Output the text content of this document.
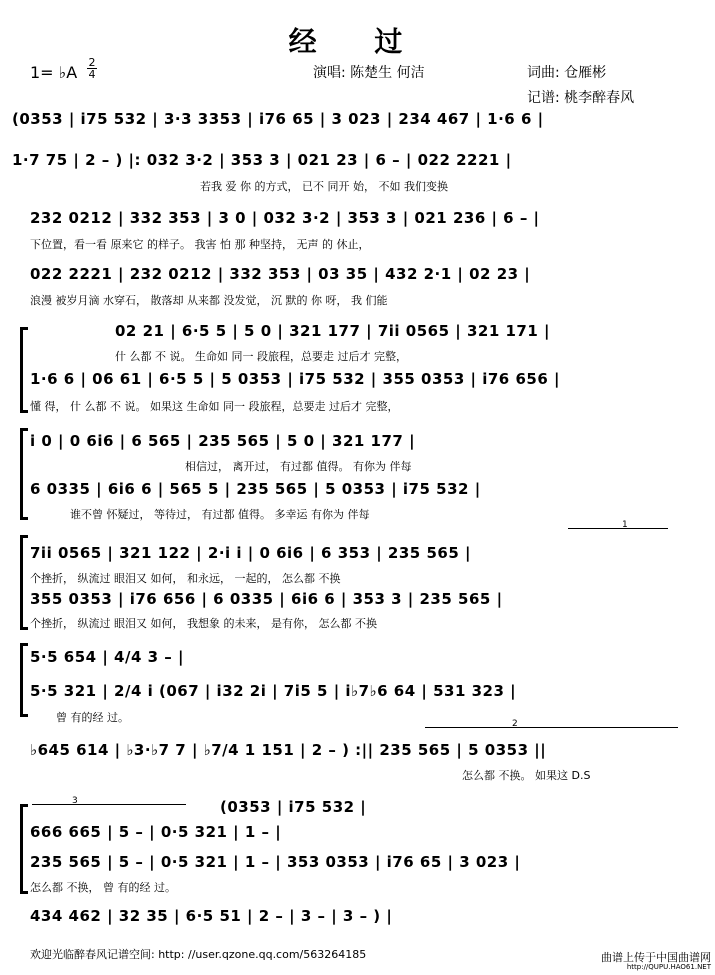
经 过
1= ♭A $\frac{2}{4}$	演唱: 陈楚生 何洁	词曲: 仓雁彬
记谱: 桃李醉春风
(0353 | i75 532 | 3·3 3353 | i76 65 | 3 023 | 234 467 | 1·6 6 |
1·7 75 | 2 – ) |: 032 3·2 | 353 3 | 021 23 | 6 – | 022 2221 |
若我 爱 你 的方式， 已不 同开 始， 不如 我们变换
232 0212 | 332 353 | 3 0 | 032 3·2 | 353 3 | 021 236 | 6 – |
下位置，看一看 原来它 的样子。 我害 怕 那 种坚持， 无声 的 休止，
022 2221 | 232 0212 | 332 353 | 03 35 | 432 2·1 | 02 23 |
浪漫 被岁月滴 水穿石， 散落却 从来都 没发觉， 沉 默的 你 呀， 我 们能
02 21 | 6·5 5 | 5 0 | 321 177 | 7ii 0565 | 321 171 |
什 么都 不 说。 生命如 同一 段旅程，总要走 过后才 完整，
1·6 6 | 06 61 | 6·5 5 | 5 0353 | i75 532 | 355 0353 | i76 656 |
懂 得， 什 么都 不 说。 如果这 生命如 同一 段旅程，总要走 过后才 完整，
i 0 | 0 6i6 | 6 565 | 235 565 | 5 0 | 321 177 |
相信过， 离开过， 有过都 值得。 有你为 伴每
6 0335 | 6i6 6 | 565 5 | 235 565 | 5 0353 | i75 532 |
谁不曾 怀疑过， 等待过， 有过都 值得。 多幸运 有你为 伴每
1
7ii 0565 | 321 122 | 2·i i | 0 6i6 | 6 353 | 235 565 |
个挫折， 纵流过 眼泪又 如何， 和永远， 一起的， 怎么都 不换
355 0353 | i76 656 | 6 0335 | 6i6 6 | 353 3 | 235 565 |
个挫折， 纵流过 眼泪又 如何， 我想象 的未来， 是有你， 怎么都 不换
5·5 654 | 4/4 3 – |
5·5 321 | 2/4 i (067 | i32 2i | 7i5 5 | i♭7♭6 64 | 531 323 |
曾 有的经 过。	2
♭645 614 | ♭3·♭7 7 | ♭7/4 1 151 | 2 – ) :|| 235 565 | 5 0353 ||
怎么都 不换。 如果这 D.S
3	(0353 | i75 532 |
666 665 | 5 – | 0·5 321 | 1 – |
235 565 | 5 – | 0·5 321 | 1 – | 353 0353 | i76 65 | 3 023 |
怎么都 不换， 曾 有的经 过。
434 462 | 32 35 | 6·5 51 | 2 – | 3 – | 3 – ) |
欢迎光临醉春风记谱空间: http: //user.qzone.qq.com/563264185	曲谱上传于中国曲谱网
http://QUPU.HAO61.NET
